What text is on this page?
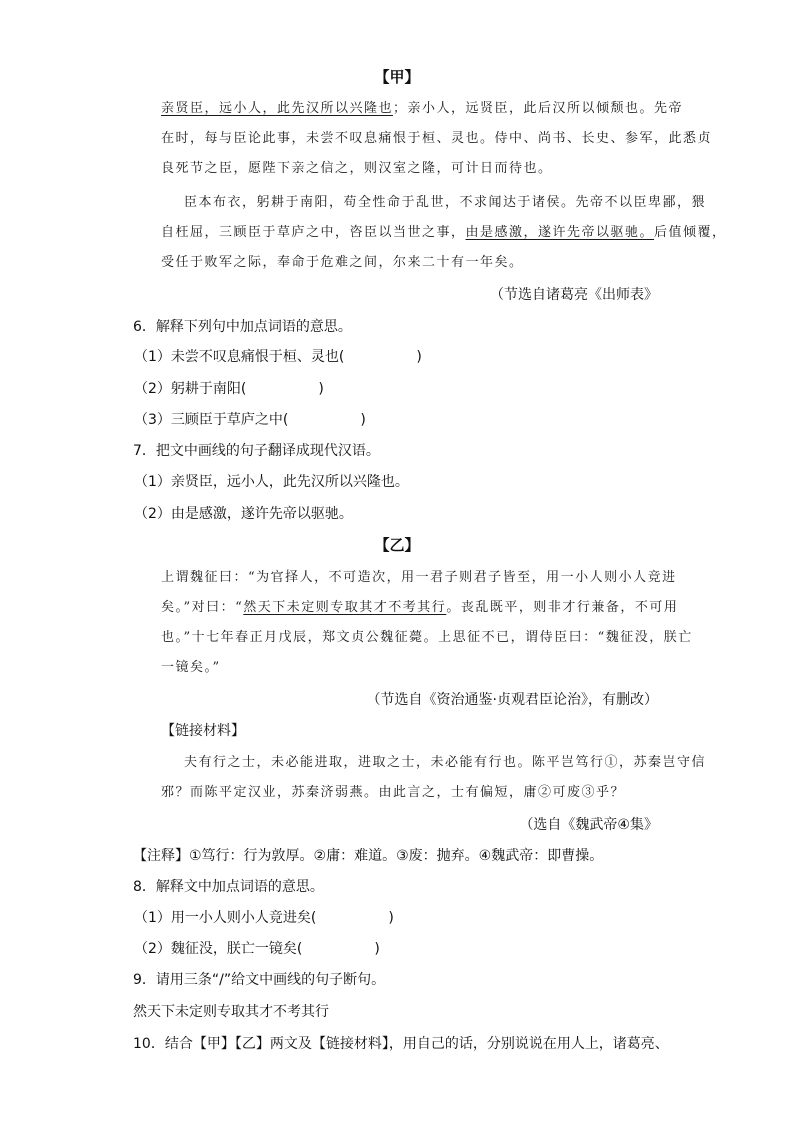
【甲】
亲贤臣，远小人，此先汉所以兴隆也；亲小人，远贤臣，此后汉所以倾颓也。先帝
在时，每与臣论此事，未尝不叹息痛恨于桓、灵也。侍中、尚书、长史、参军，此悉贞
良死节之臣，愿陛下亲之信之，则汉室之隆，可计日而待也。
臣本布衣，躬耕于南阳，苟全性命于乱世，不求闻达于诸侯。先帝不以臣卑鄙，猥
自枉屈，三顾臣于草庐之中，咨臣以当世之事，由是感激，遂许先帝以驱驰。后值倾覆，
受任于败军之际，奉命于危难之间，尔来二十有一年矣。
（节选自诸葛亮《出师表》
6．解释下列句中加点词语的意思。
（1）未尝不叹息痛恨于桓、灵也(	)
（2）躬耕于南阳(	)
（3）三顾臣于草庐之中(	)
7．把文中画线的句子翻译成现代汉语。
（1）亲贤臣，远小人，此先汉所以兴隆也。
（2）由是感激，遂许先帝以驱驰。
【乙】
上谓魏征曰：“为官择人，不可造次，用一君子则君子皆至，用一小人则小人竞进
矣。”对曰：“然天下未定则专取其才不考其行。丧乱既平，则非才行兼备，不可用
也。”十七年春正月戊辰，郑文贞公魏征薨。上思征不已，谓侍臣曰：“魏征没，朕亡
一镜矣。”
（节选自《资治通鉴·贞观君臣论治》，有删改）
【链接材料】
夫有行之士，未必能进取，进取之士，未必能有行也。陈平岂笃行①，苏秦岂守信
邪？而陈平定汉业，苏秦济弱燕。由此言之，士有偏短，庸②可废③乎？
（选自《魏武帝④集》
【注释】①笃行：行为敦厚。②庸：难道。③废：抛弃。④魏武帝：即曹操。
8．解释文中加点词语的意思。
（1）用一小人则小人竞进矣(	)
（2）魏征没，朕亡一镜矣(	)
9．请用三条“/”给文中画线的句子断句。
然天下未定则专取其才不考其行
10．结合【甲】【乙】两文及【链接材料】，用自己的话，分别说说在用人上，诸葛亮、
